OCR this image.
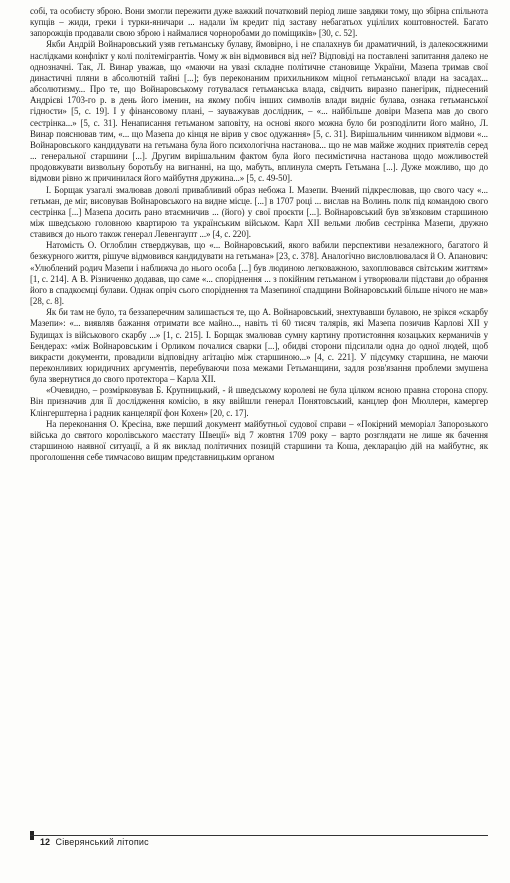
собі, та особисту зброю. Вони змогли пережити дуже важкий початковий період лише завдяки тому, що збірна спільнота купців – жиди, греки і турки-яничари ... надали їм кредит під заставу небагатьох уцілілих коштовностей. Багато запорожців продавали свою зброю і наймалися чорноробами до поміщиків» [30, с. 52].

Якби Андрій Войнаровський узяв гетьманську булаву, ймовірно, і не спалахнув би драматичний, із далекосяжними наслідками конфлікт у колі політемігрантів. Чому ж він відмовився від неї? Відповіді на поставлені запитання далеко не однозначні. Так, Л. Винар уважав, що «маючи на увазі складне політичне становище України, Мазепа тримав свої династичні пляни в абсолютній тайні [...]; був переконаним прихильником міцної гетьманської влади на засадах... абсолютизму... Про те, що Войнаровському готувалася гетьманська влада, свідчить виразно панегірик, піднесений Андрієві 1703-го р. в день його іменин, на якому побіч інших символів влади видніє булава, ознака гетьманської гідности» [5, с. 19]. І у фінансовому плані, – зауважував дослідник, – «... найбільше довіри Мазепа мав до свого сестрінка...» [5, с. 31]. Ненаписання гетьманом заповіту, на основі якого можна було би розподілити його майно, Л. Винар пояснював тим, «... що Мазепа до кінця не вірив у своє одужання» [5, с. 31]. Вирішальним чинником відмови «... Войнаровського кандидувати на гетьмана була його психологічна настанова... що не мав майже жодних приятелів серед ... генеральної старшини [...]. Другим вирішальним фактом була його песимістична настанова щодо можливостей продовжувати визвольну боротьбу на вигнанні, на що, мабуть, вплинула смерть Гетьмана [...]. Дуже можливо, що до відмови рівно ж причинилася його майбутня дружина...» [5, с. 49-50].

І. Борщак узагалі змалював доволі привабливий образ небожа І. Мазепи. Вчений підкреслював, що свого часу «... гетьман, де міг, висовував Войнаровського на видне місце. [...] в 1707 році ... вислав на Волинь полк під командою свого сестрінка [...] Мазепа досить рано втаємничив ... (його) у свої проєкти [...]. Войнаровський був зв'язковим старшиною між шведською головною квартирою та українським військом. Карл XII вельми любив сестрінка Мазепи, дружно ставився до нього також генерал Левенгаупт ...» [4, с. 220].

Натомість О. Оглоблин стверджував, що «... Войнаровський, якого вабили перспективи незалежного, багатого й безжурного життя, рішуче відмовився кандидувати на гетьмана» [23, с. 378]. Аналогічно висловлювалася й О. Апанович: «Улюблений родич Мазепи і наближча до нього особа [...] був людиною легковажною, захоплювався світським життям» [1, с. 214]. А В. Різниченко додавав, що саме «... споріднення ... з покійним гетьманом і утворювали підстави до обрання його в спадкоємці булави. Однак опріч сього споріднення та Мазепиної спадщини Войнаровський більше нічого не мав» [28, с. 8].

Як би там не було, та беззаперечним залишається те, що А. Войнаровський, знехтувавши булавою, не зрікся «скарбу Мазепи»: «... виявляв бажання отримати все майно..., навіть ті 60 тисяч талярів, які Мазепа позичив Карлові XII у Будищах із військового скарбу ...» [1, с. 215]. І. Борщак змалював сумну картину протистояння козацьких керманичів у Бендерах: «між Войнаровським і Орликом почалися сварки [...], обидві сторони підсилали одна до одної людей, щоб викрасти документи, провадили відповідну агітацію між старшиною...» [4, с. 221]. У підсумку старшина, не маючи переконливих юридичних аргументів, перебуваючи поза межами Гетьманщини, задля розв'язання проблеми змушена була звернутися до свого протектора – Карла XII.

«Очевидно, – розмірковував Б. Крупницький, - й шведському королеві не була цілком ясною правна сторона спору. Він призначив для її дослідження комісію, в яку ввійшли генерал Понятовський, канцлер фон Мюллерн, камергер Клінгерштерна і радник канцелярії фон Кохен» [20, с. 17].

На переконання О. Кресіна, вже перший документ майбутньої судової справи – «Покірний меморіал Запорозького війська до святого королівського маєстату Швеції» від 7 жовтня 1709 року – варто розглядати не лише як бачення старшиною наявної ситуації, а й як виклад політичних позицій старшини та Коша, декларацію дій на майбутнє, як проголошення себе тимчасово вищим представницьким органом

12 Сіверянський літопис
